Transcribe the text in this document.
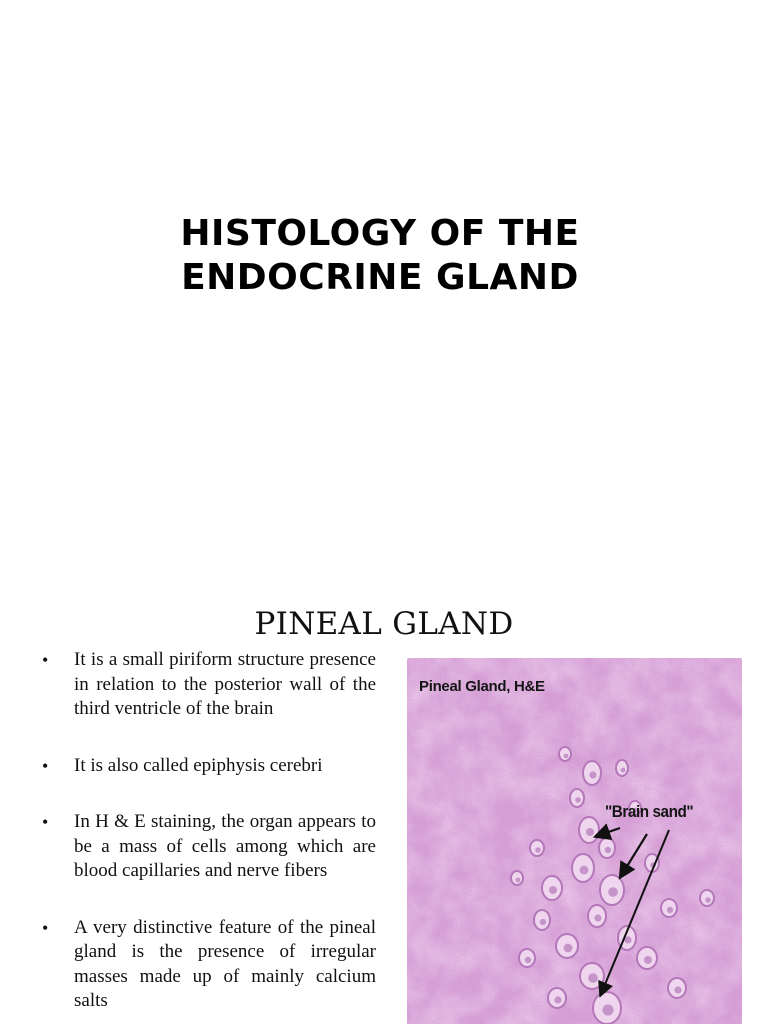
HISTOLOGY OF THE
ENDOCRINE GLAND
PINEAL GLAND
• It is a small piriform structure presence in relation to the posterior wall of the third ventricle of the brain
• It is also called epiphysis cerebri
• In H & E staining, the organ appears to be a mass of cells among which are blood capillaries and nerve fibers
• A very distinctive feature of the pineal gland is the presence of irregular masses made up of mainly calcium salts
Pineal Gland, H&E
"Brain sand"
